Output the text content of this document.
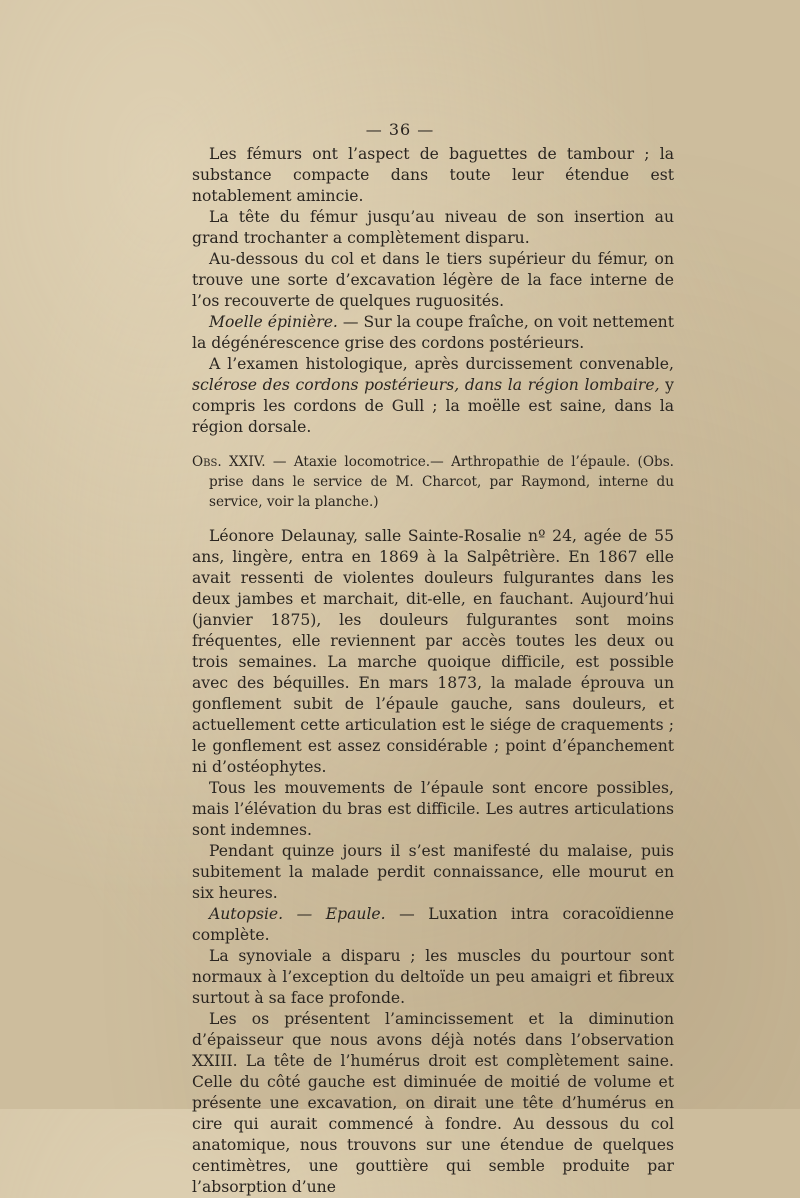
— 36 —

Les fémurs ont l’aspect de baguettes de tambour ; la substance compacte dans toute leur étendue est notablement amincie.

La tête du fémur jusqu’au niveau de son insertion au grand trochanter a complètement disparu.

Au-dessous du col et dans le tiers supérieur du fémur, on trouve une sorte d’excavation légère de la face interne de l’os recouverte de quelques ruguosités.

Moelle épinière. — Sur la coupe fraîche, on voit nettement la dégénérescence grise des cordons postérieurs.

A l’examen histologique, après durcissement convenable, sclérose des cordons postérieurs, dans la région lombaire, y compris les cordons de Gull ; la moëlle est saine, dans la région dorsale.

Obs. XXIV. — Ataxie locomotrice.— Arthropathie de l’épaule. (Obs. prise dans le service de M. Charcot, par Raymond, interne du service, voir la planche.)

Léonore Delaunay, salle Sainte-Rosalie nº 24, agée de 55 ans, lingère, entra en 1869 à la Salpêtrière. En 1867 elle avait ressenti de violentes douleurs fulgurantes dans les deux jambes et marchait, dit-elle, en fauchant. Aujourd’hui (janvier 1875), les douleurs fulgurantes sont moins fréquentes, elle reviennent par accès toutes les deux ou trois semaines. La marche quoique difficile, est possible avec des béquilles. En mars 1873, la malade éprouva un gonflement subit de l’épaule gauche, sans douleurs, et actuellement cette articulation est le siége de craquements ; le gonflement est assez considérable ; point d’épanchement ni d’ostéophytes.

Tous les mouvements de l’épaule sont encore possibles, mais l’élévation du bras est difficile. Les autres articulations sont indemnes.

Pendant quinze jours il s’est manifesté du malaise, puis subitement la malade perdit connaissance, elle mourut en six heures.

Autopsie. — Epaule. — Luxation intra coracoïdienne complète.

La synoviale a disparu ; les muscles du pourtour sont normaux à l’exception du deltoïde un peu amaigri et fibreux surtout à sa face profonde.

Les os présentent l’amincissement et la diminution d’épaisseur que nous avons déjà notés dans l’observation XXIII. La tête de l’humérus droit est complètement saine. Celle du côté gauche est diminuée de moitié de volume et présente une excavation, on dirait une tête d’humérus en cire qui aurait commencé à fondre. Au dessous du col anatomique, nous trouvons sur une étendue de quelques centimètres, une gouttière qui semble produite par l’absorption d’une
